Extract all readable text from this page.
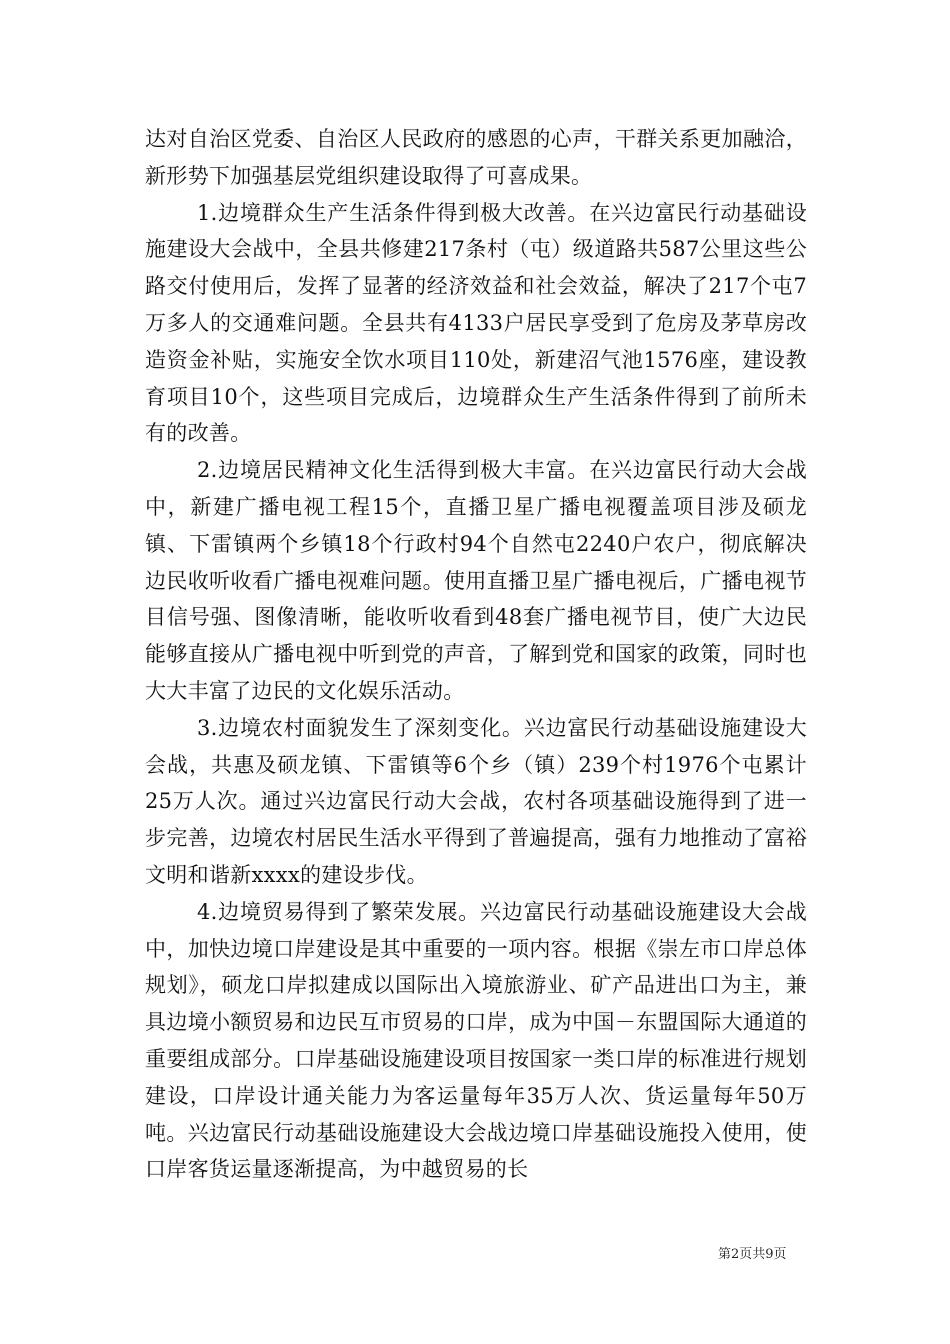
达对自治区党委、自治区人民政府的感恩的心声，干群关系更加融洽，新形势下加强基层党组织建设取得了可喜成果。

1.边境群众生产生活条件得到极大改善。在兴边富民行动基础设施建设大会战中，全县共修建217条村（屯）级道路共587公里这些公路交付使用后，发挥了显著的经济效益和社会效益，解决了217个屯7万多人的交通难问题。全县共有4133户居民享受到了危房及茅草房改造资金补贴，实施安全饮水项目110处，新建沼气池1576座，建设教育项目10个，这些项目完成后，边境群众生产生活条件得到了前所未有的改善。

2.边境居民精神文化生活得到极大丰富。在兴边富民行动大会战中，新建广播电视工程15个，直播卫星广播电视覆盖项目涉及硕龙镇、下雷镇两个乡镇18个行政村94个自然屯2240户农户，彻底解决边民收听收看广播电视难问题。使用直播卫星广播电视后，广播电视节目信号强、图像清晰，能收听收看到48套广播电视节目，使广大边民能够直接从广播电视中听到党的声音，了解到党和国家的政策，同时也大大丰富了边民的文化娱乐活动。

3.边境农村面貌发生了深刻变化。兴边富民行动基础设施建设大会战，共惠及硕龙镇、下雷镇等6个乡（镇）239个村1976个屯累计25万人次。通过兴边富民行动大会战，农村各项基础设施得到了进一步完善，边境农村居民生活水平得到了普遍提高，强有力地推动了富裕文明和谐新xxxx的建设步伐。

4.边境贸易得到了繁荣发展。兴边富民行动基础设施建设大会战中，加快边境口岸建设是其中重要的一项内容。根据《崇左市口岸总体规划》，硕龙口岸拟建成以国际出入境旅游业、矿产品进出口为主，兼具边境小额贸易和边民互市贸易的口岸，成为中国－东盟国际大通道的重要组成部分。口岸基础设施建设项目按国家一类口岸的标准进行规划建设，口岸设计通关能力为客运量每年35万人次、货运量每年50万吨。兴边富民行动基础设施建设大会战边境口岸基础设施投入使用，使口岸客货运量逐渐提高，为中越贸易的长

第2页共9页
